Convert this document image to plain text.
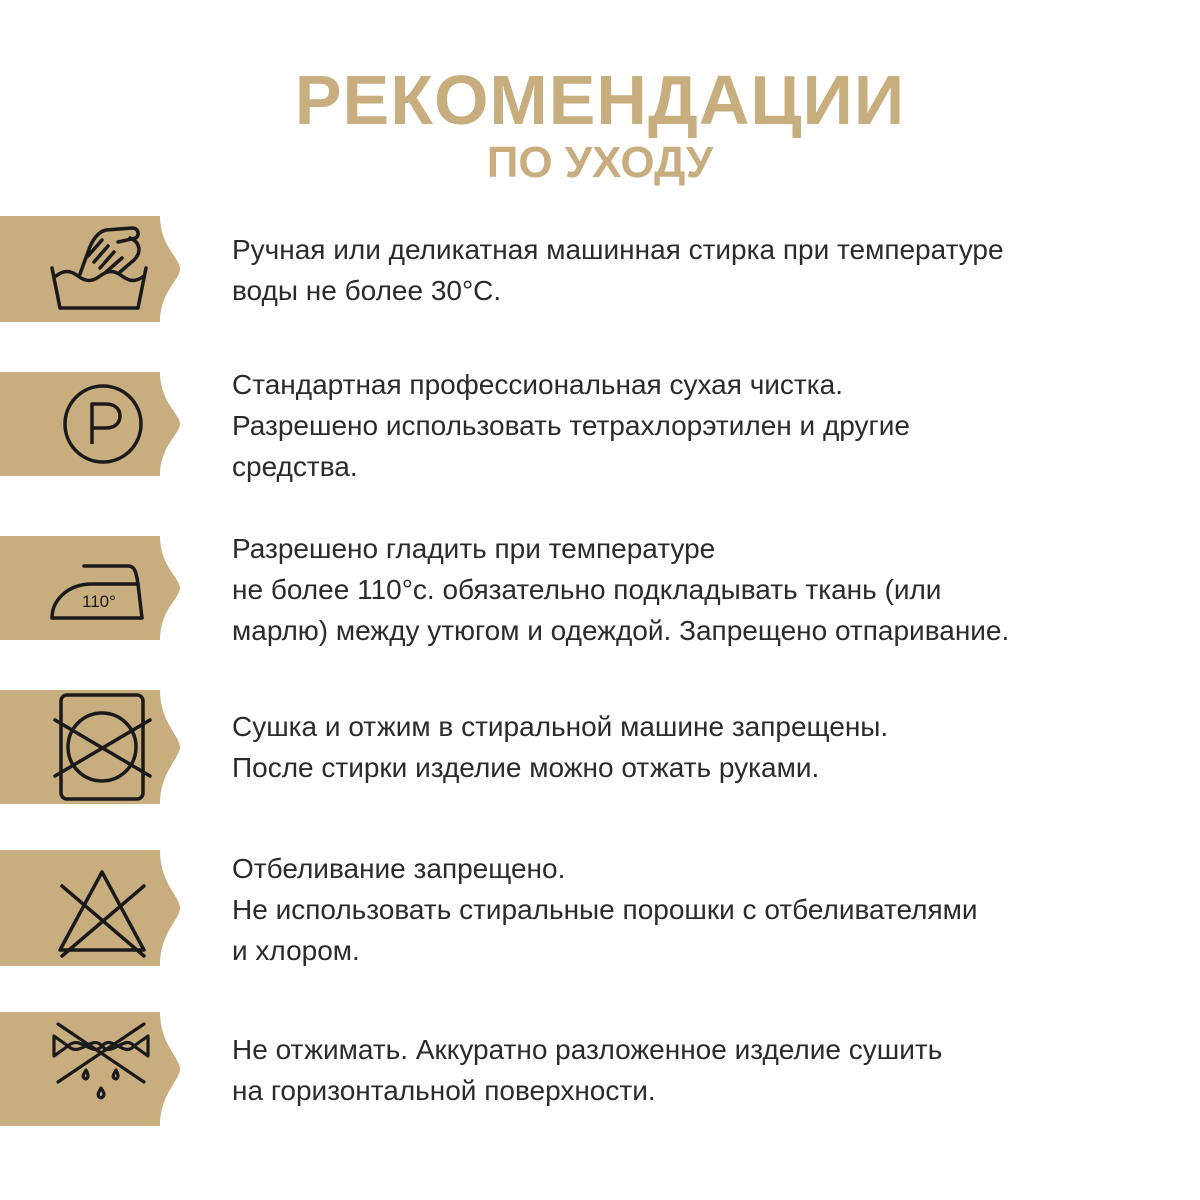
РЕКОМЕНДАЦИИ
ПО УХОДУ

Ручная или деликатная машинная стирка при температуре
воды не более 30°С.

Стандартная профессиональная сухая чистка.
Разрешено использовать тетрахлорэтилен и другие
средства.

110°

Разрешено гладить при температуре
не более 110°с. обязательно подкладывать ткань (или
марлю) между утюгом и одеждой. Запрещено отпаривание.

Сушка и отжим в стиральной машине запрещены.
После стирки изделие можно отжать руками.

Отбеливание запрещено.
Не использовать стиральные порошки с отбеливателями
и хлором.

Не отжимать. Аккуратно разложенное изделие сушить
на горизонтальной поверхности.
